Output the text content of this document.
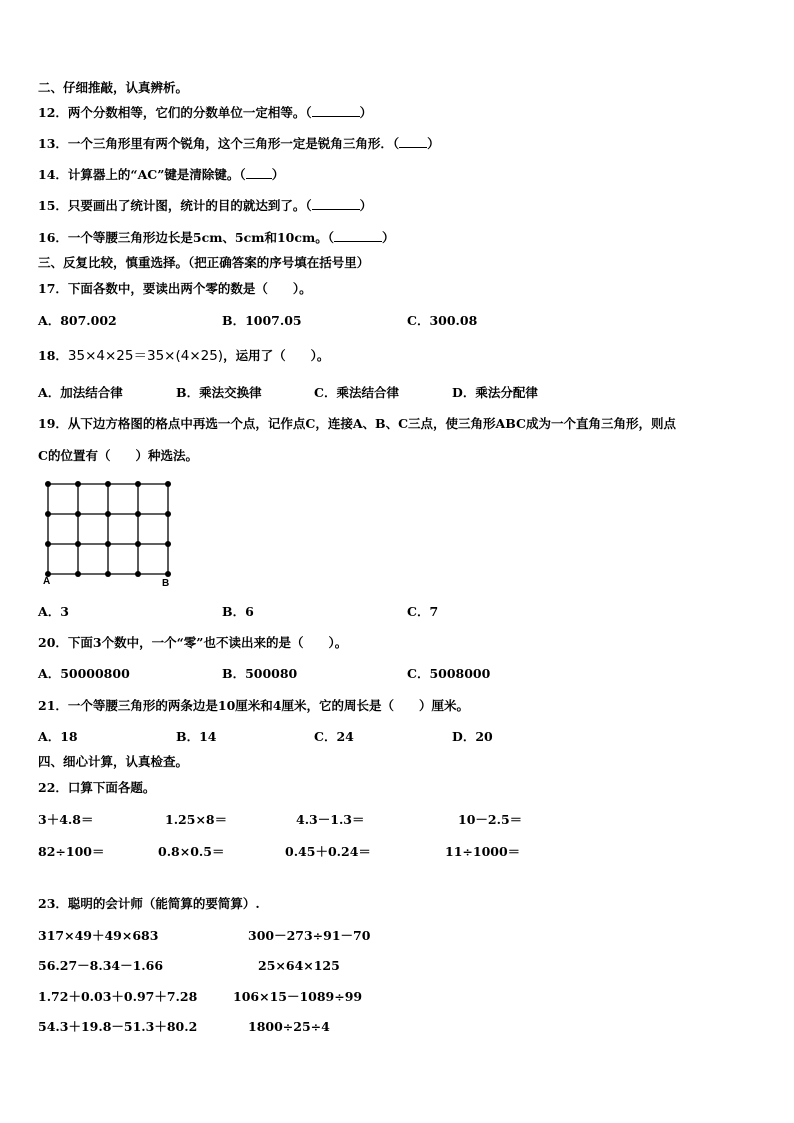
二、仔细推敲，认真辨析。
12．两个分数相等，它们的分数单位一定相等。（	）
13．一个三角形里有两个锐角，这个三角形一定是锐角三角形．（ ）
14．计算器上的“AC”键是清除键。（ ）
15．只要画出了统计图，统计的目的就达到了。（	）
16．一个等腰三角形边长是5cm、5cm和10cm。（	）
三、反复比较，慎重选择。（把正确答案的序号填在括号里）
17．下面各数中，要读出两个零的数是（　　）。
A．807.002	B．1007.05	C．300.08
18．35×4×25＝35×(4×25)，运用了（　　）。
A．加法结合律	B．乘法交换律	C．乘法结合律	D．乘法分配律
19．从下边方格图的格点中再选一个点，记作点C，连接A、B、C三点，使三角形ABC成为一个直角三角形，则点
C的位置有（　　）种选法。
A	B
A．3	B．6	C．7
20．下面3个数中，一个“零”也不读出来的是（　　）。
A．50000800	B．500080	C．5008000
21．一个等腰三角形的两条边是10厘米和4厘米，它的周长是（　　）厘米。
A．18	B．14	C．24	D．20
四、细心计算，认真检查。
22．口算下面各题。
3＋4.8＝	1.25×8＝	4.3－1.3＝	10－2.5＝
82÷100＝	0.8×0.5＝	0.45＋0.24＝	11÷1000＝
23．聪明的会计师（能简算的要简算）.
317×49＋49×683	300－273÷91－70
56.27－8.34－1.66	25×64×125
1.72＋0.03＋0.97＋7.28	106×15－1089÷99
54.3＋19.8－51.3＋80.2	1800÷25÷4
